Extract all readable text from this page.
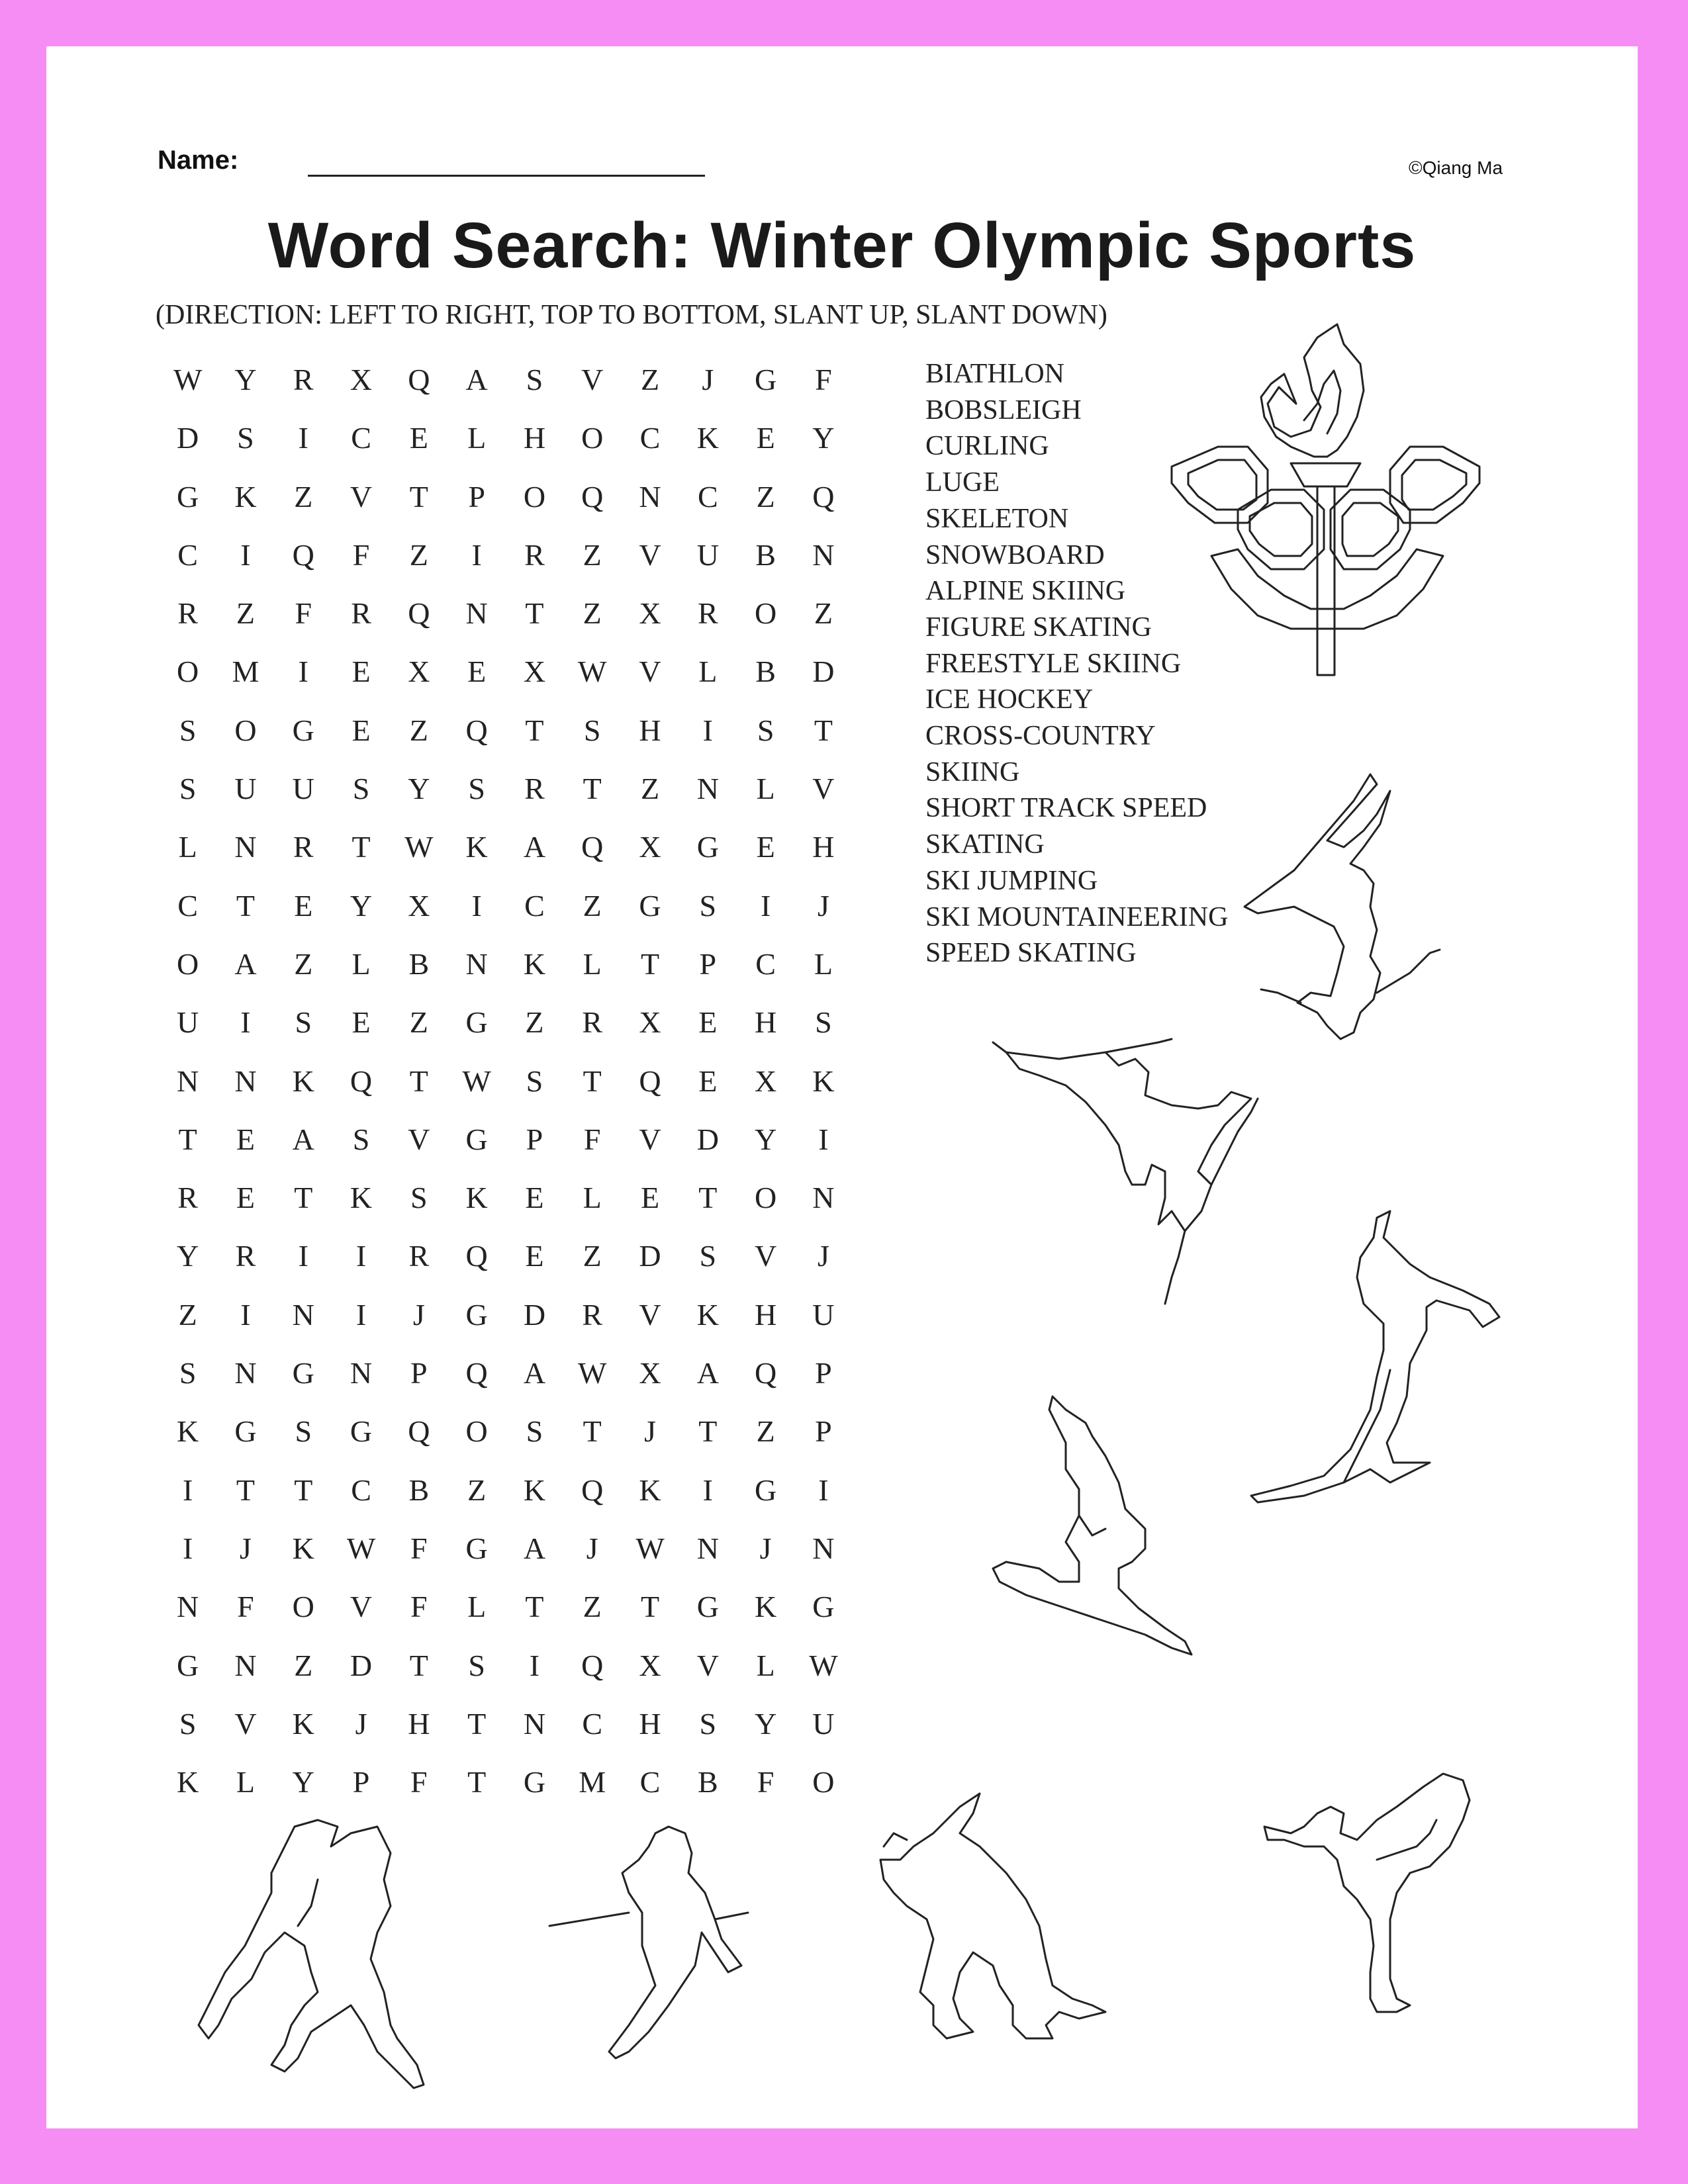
Name:	©Qiang Ma
Word Search: Winter Olympic Sports
(DIRECTION: LEFT TO RIGHT, TOP TO BOTTOM, SLANT UP, SLANT DOWN)
W	Y	R	X	Q	A	S	V	Z	J	G	F
D	S	I	C	E	L	H	O	C	K	E	Y
G	K	Z	V	T	P	O	Q	N	C	Z	Q
C	I	Q	F	Z	I	R	Z	V	U	B	N
R	Z	F	R	Q	N	T	Z	X	R	O	Z
O	M	I	E	X	E	X	W	V	L	B	D
S	O	G	E	Z	Q	T	S	H	I	S	T
S	U	U	S	Y	S	R	T	Z	N	L	V
L	N	R	T	W	K	A	Q	X	G	E	H
C	T	E	Y	X	I	C	Z	G	S	I	J
O	A	Z	L	B	N	K	L	T	P	C	L
U	I	S	E	Z	G	Z	R	X	E	H	S
N	N	K	Q	T	W	S	T	Q	E	X	K
T	E	A	S	V	G	P	F	V	D	Y	I
R	E	T	K	S	K	E	L	E	T	O	N
Y	R	I	I	R	Q	E	Z	D	S	V	J
Z	I	N	I	J	G	D	R	V	K	H	U
S	N	G	N	P	Q	A	W	X	A	Q	P
K	G	S	G	Q	O	S	T	J	T	Z	P
I	T	T	C	B	Z	K	Q	K	I	G	I
I	J	K	W	F	G	A	J	W	N	J	N
N	F	O	V	F	L	T	Z	T	G	K	G
G	N	Z	D	T	S	I	Q	X	V	L	W
S	V	K	J	H	T	N	C	H	S	Y	U
K	L	Y	P	F	T	G	M	C	B	F	O
BIATHLON
BOBSLEIGH
CURLING
LUGE
SKELETON
SNOWBOARD
ALPINE SKIING
FIGURE SKATING
FREESTYLE SKIING
ICE HOCKEY
CROSS-COUNTRY
SKIING
SHORT TRACK SPEED
SKATING
SKI JUMPING
SKI MOUNTAINEERING
SPEED SKATING
